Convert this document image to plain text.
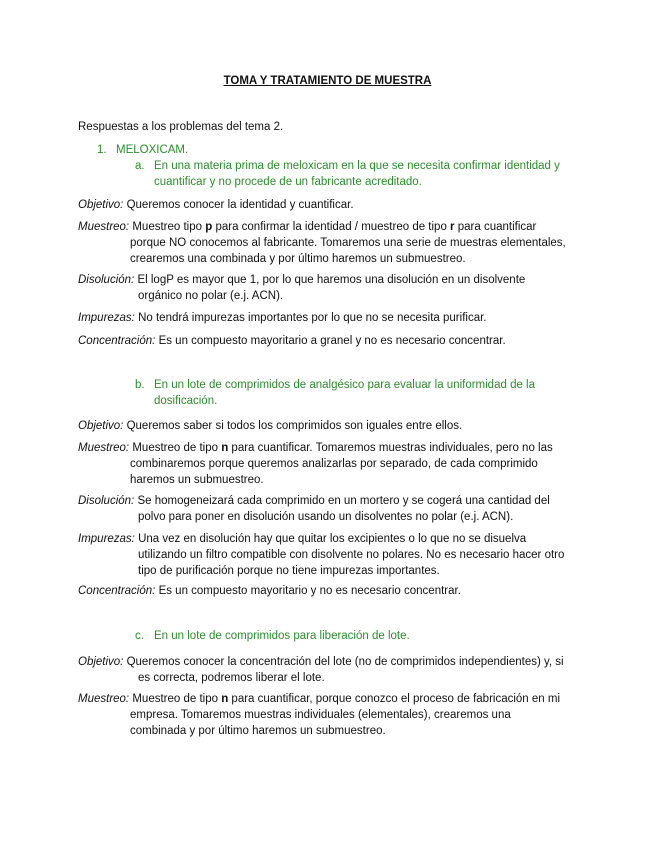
TOMA Y TRATAMIENTO DE MUESTRA
Respuestas a los problemas del tema 2.
1. MELOXICAM.
a. En una materia prima de meloxicam en la que se necesita confirmar identidad y
cuantificar y no procede de un fabricante acreditado.
Objetivo: Queremos conocer la identidad y cuantificar.
Muestreo: Muestreo tipo p para confirmar la identidad / muestreo de tipo r para cuantificar
porque NO conocemos al fabricante. Tomaremos una serie de muestras elementales,
crearemos una combinada y por último haremos un submuestreo.
Disolución: El logP es mayor que 1, por lo que haremos una disolución en un disolvente
orgánico no polar (e.j. ACN).
Impurezas: No tendrá impurezas importantes por lo que no se necesita purificar.
Concentración: Es un compuesto mayoritario a granel y no es necesario concentrar.
b. En un lote de comprimidos de analgésico para evaluar la uniformidad de la
dosificación.
Objetivo: Queremos saber si todos los comprimidos son iguales entre ellos.
Muestreo: Muestreo de tipo n para cuantificar. Tomaremos muestras individuales, pero no las
combinaremos porque queremos analizarlas por separado, de cada comprimido
haremos un submuestreo.
Disolución: Se homogeneizará cada comprimido en un mortero y se cogerá una cantidad del
polvo para poner en disolución usando un disolventes no polar (e.j. ACN).
Impurezas: Una vez en disolución hay que quitar los excipientes o lo que no se disuelva
utilizando un filtro compatible con disolvente no polares. No es necesario hacer otro
tipo de purificación porque no tiene impurezas importantes.
Concentración: Es un compuesto mayoritario y no es necesario concentrar.
c. En un lote de comprimidos para liberación de lote.
Objetivo: Queremos conocer la concentración del lote (no de comprimidos independientes) y, si
es correcta, podremos liberar el lote.
Muestreo: Muestreo de tipo n para cuantificar, porque conozco el proceso de fabricación en mi
empresa. Tomaremos muestras individuales (elementales), crearemos una
combinada y por último haremos un submuestreo.
